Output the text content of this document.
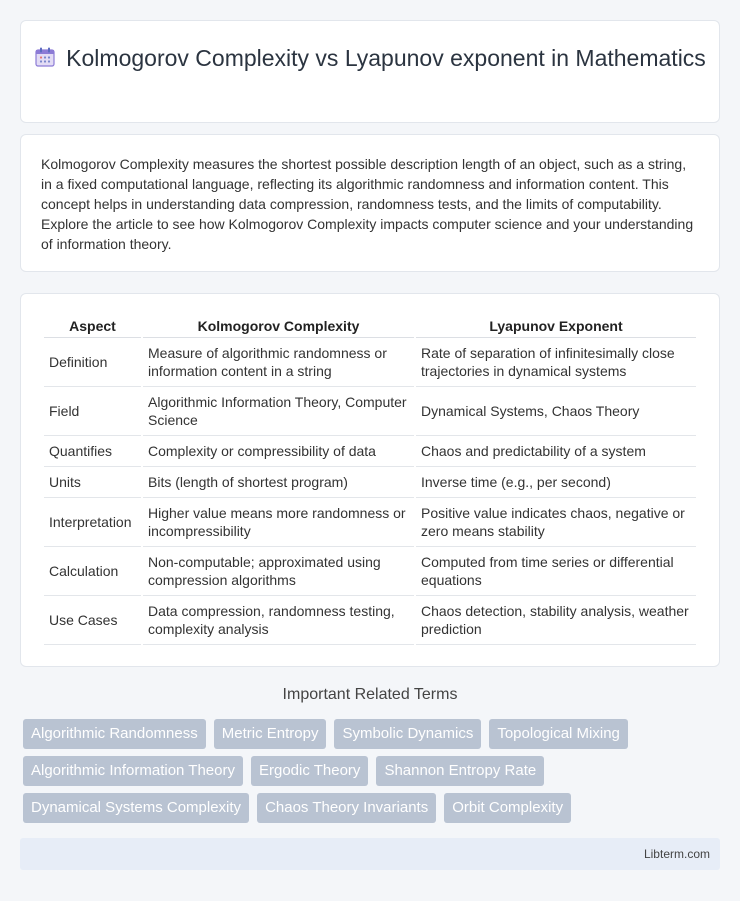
Kolmogorov Complexity vs Lyapunov exponent in Mathematics

Kolmogorov Complexity measures the shortest possible description length of an object, such as a string, in a fixed computational language, reflecting its algorithmic randomness and information content. This concept helps in understanding data compression, randomness tests, and the limits of computability. Explore the article to see how Kolmogorov Complexity impacts computer science and your understanding of information theory.

Aspect	Kolmogorov Complexity	Lyapunov Exponent
Definition	Measure of algorithmic randomness or information content in a string	Rate of separation of infinitesimally close trajectories in dynamical systems
Field	Algorithmic Information Theory, Computer Science	Dynamical Systems, Chaos Theory
Quantifies	Complexity or compressibility of data	Chaos and predictability of a system
Units	Bits (length of shortest program)	Inverse time (e.g., per second)
Interpretation	Higher value means more randomness or incompressibility	Positive value indicates chaos, negative or zero means stability
Calculation	Non-computable; approximated using compression algorithms	Computed from time series or differential equations
Use Cases	Data compression, randomness testing, complexity analysis	Chaos detection, stability analysis, weather prediction
Important Related Terms
Algorithmic Randomness	Metric Entropy	Symbolic Dynamics	Topological Mixing
Algorithmic Information Theory	Ergodic Theory	Shannon Entropy Rate
Dynamical Systems Complexity	Chaos Theory Invariants	Orbit Complexity
Libterm.com
